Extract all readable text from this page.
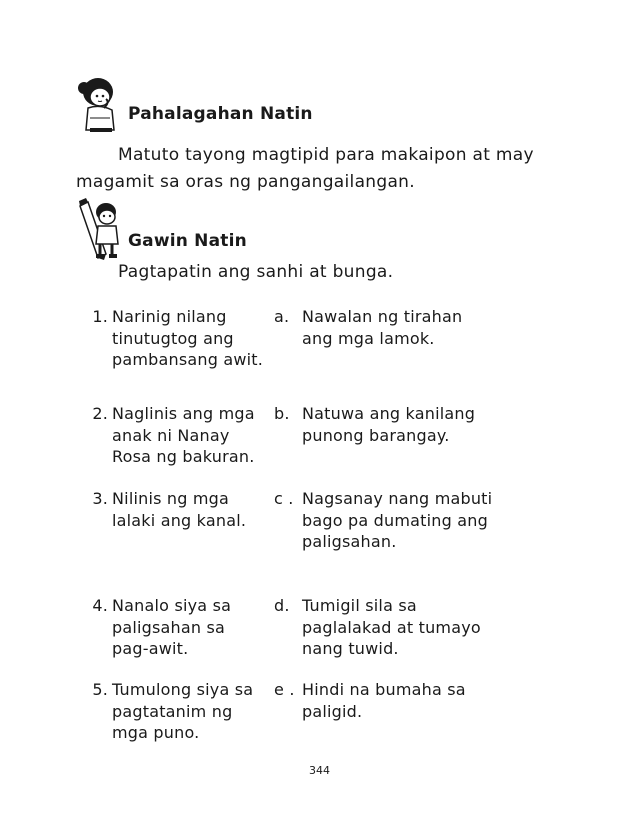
Pahalagahan Natin

Matuto tayong magtipid para makaipon at may magamit sa oras ng pangangailangan.

Gawin Natin

Pagtapatin ang sanhi at bunga.

1. Narinig nilang tinutugtog ang pambansang awit.
a. Nawalan ng tirahan ang mga lamok.
2. Naglinis ang mga anak ni Nanay Rosa ng bakuran.
b. Natuwa ang kanilang punong barangay.
3. Nilinis ng mga lalaki ang kanal.
c . Nagsanay nang mabuti bago pa dumating ang paligsahan.
4. Nanalo siya sa paligsahan sa pag-awit.
d. Tumigil sila sa paglalakad at tumayo nang tuwid.
5. Tumulong siya sa pagtatanim ng mga puno.
e . Hindi na bumaha sa paligid.
344
